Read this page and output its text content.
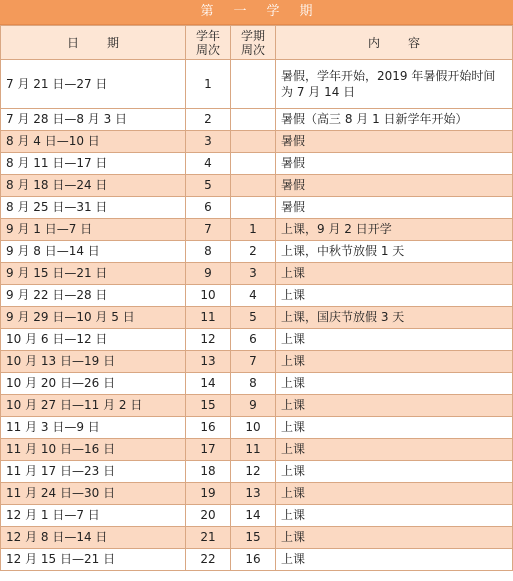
第 一 学 期
日 期	学年周次	学期周次	内 容
7 月 21 日—27 日	1		暑假，学年开始，2019 年暑假开始时间为 7 月 14 日
7 月 28 日—8 月 3 日	2		暑假（高三 8 月 1 日新学年开始）
8 月 4 日—10 日	3		暑假
8 月 11 日—17 日	4		暑假
8 月 18 日—24 日	5		暑假
8 月 25 日—31 日	6		暑假
9 月 1 日—7 日	7	1	上课，9 月 2 日开学
9 月 8 日—14 日	8	2	上课，中秋节放假 1 天
9 月 15 日—21 日	9	3	上课
9 月 22 日—28 日	10	4	上课
9 月 29 日—10 月 5 日	11	5	上课，国庆节放假 3 天
10 月 6 日—12 日	12	6	上课
10 月 13 日—19 日	13	7	上课
10 月 20 日—26 日	14	8	上课
10 月 27 日—11 月 2 日	15	9	上课
11 月 3 日—9 日	16	10	上课
11 月 10 日—16 日	17	11	上课
11 月 17 日—23 日	18	12	上课
11 月 24 日—30 日	19	13	上课
12 月 1 日—7 日	20	14	上课
12 月 8 日—14 日	21	15	上课
12 月 15 日—21 日	22	16	上课
